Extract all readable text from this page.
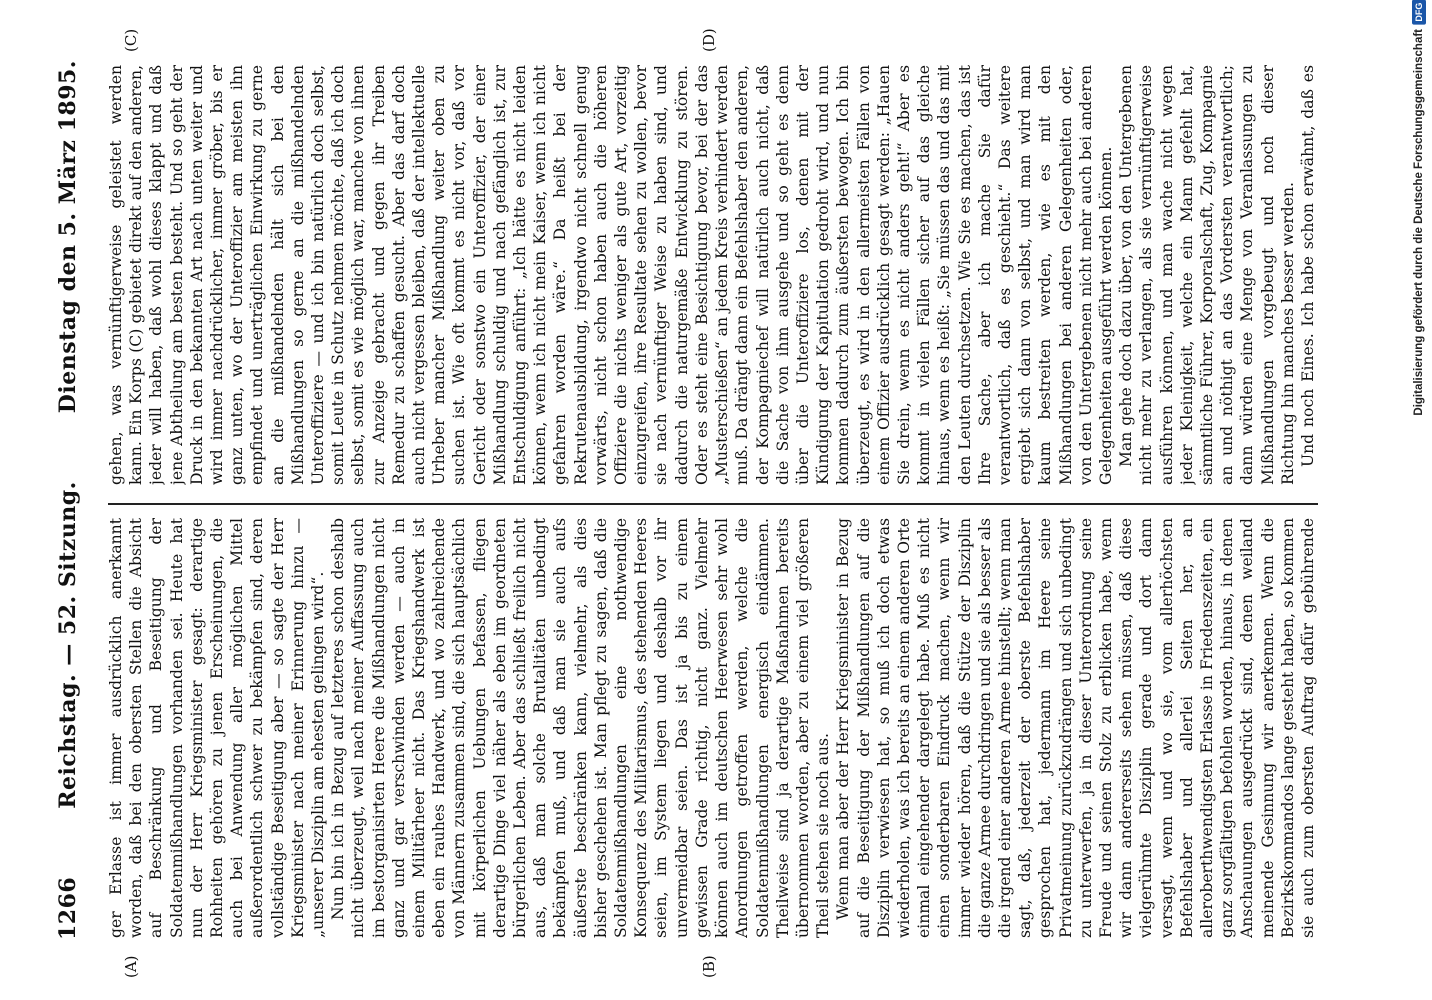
1266
Reichstag. — 52. Sitzung.
Dienstag den 5. März 1895.
(A)	(B)
(C)	(D)

ger Erlasse ist immer ausdrücklich anerkannt worden, daß bei den obersten Stellen die Absicht auf Beschränkung und Beseitigung der Soldatenmißhandlungen vorhanden sei. Heute hat nun der Herr Kriegsminister gesagt: derartige Rohheiten gehören zu jenen Erscheinungen, die auch bei Anwendung aller möglichen Mittel außerordentlich schwer zu bekämpfen sind, deren vollständige Beseitigung aber — so sagte der Herr Kriegsminister nach meiner Erinnerung hinzu — „unserer Disziplin am ehesten gelingen wird“. Nun bin ich in Bezug auf letzteres schon deshalb nicht überzeugt, weil nach meiner Auffassung auch im bestorganisirten Heere die Mißhandlungen nicht ganz und gar verschwinden werden — auch in einem Militärheer nicht. Das Kriegshandwerk ist eben ein rauhes Handwerk, und wo zahlreichende von Männern zusammen sind, die sich hauptsächlich mit körperlichen Uebungen befassen, fliegen derartige Dinge viel näher als eben im geordneten bürgerlichen Leben. Aber das schließt freilich nicht aus, daß man solche Brutalitäten unbedingt bekämpfen muß, und daß man sie auch aufs äußerste beschränken kann, vielmehr, als dies bisher geschehen ist. Man pflegt zu sagen, daß die Soldatenmißhandlungen eine nothwendige Konsequenz des Militarismus, des stehenden Heeres seien, im System liegen und deshalb vor ihr unvermeidbar seien. Das ist ja bis zu einem gewissen Grade richtig, nicht ganz. Vielmehr können auch im deutschen Heerwesen sehr wohl Anordnungen getroffen werden, welche die Soldatenmißhandlungen energisch eindämmen. Theilweise sind ja derartige Maßnahmen bereits übernommen worden, aber zu einem viel größeren Theil stehen sie noch aus. Wenn man aber der Herr Kriegsminister in Bezug auf die Beseitigung der Mißhandlungen auf die Disziplin verwiesen hat, so muß ich doch etwas wiederholen, was ich bereits an einem anderen Orte einmal eingehender dargelegt habe. Muß es nicht einen sonderbaren Eindruck machen, wenn wir immer wieder hören, daß die Stütze der Disziplin die ganze Armee durchdringen und sie als besser als die irgend einer anderen Armee hinstellt; wenn man sagt, daß, jederzeit der oberste Befehlshaber gesprochen hat, jedermann im Heere seine Privatmeinung zurückzudrängen und sich unbedingt zu unterwerfen, ja in dieser Unterordnung seine Freude und seinen Stolz zu erblicken habe, wenn wir dann andererseits sehen müssen, daß diese vielgerühmte Disziplin gerade und dort dann versagt, wenn und wo sie, vom allerhöchsten Befehlshaber und allerlei Seiten her, an alleroberthwendigsten Erlasse in Friedenszeiten, ein ganz sorgfältigen befohlen worden, hinaus, in denen Anschauungen ausgedrückt sind, denen weiland meinende Gesinnung wir anerkennen. Wenn die Bezirkskommandos lange gesteht haben, so kommen sie auch zum obersten Auftrag dafür gebührende

gehen, was vernünftigerweise geleistet werden kann. Ein Korps (C) gebietet direkt auf den anderen, jeder will haben, daß wohl dieses klappt und daß jene Abtheilung am besten besteht. Und so geht der Druck in den bekannten Art nach unten weiter und wird immer nachdrücklicher, immer gröber, bis er ganz unten, wo der Unteroffizier am meisten ihn empfindet und unerträglichen Einwirkung zu gerne an die mißhandelnden hält sich bei den Mißhandlungen so gerne an die mißhandelnden Unteroffiziere — und ich bin natürlich doch selbst, somit Leute in Schutz nehmen möchte, daß ich doch selbst, somit es wie möglich war, manche von ihnen zur Anzeige gebracht und gegen ihr Treiben Remedur zu schaffen gesucht. Aber das darf doch auch nicht vergessen bleiben, daß der intellektuelle Urheber mancher Mißhandlung weiter oben zu suchen ist. Wie oft kommt es nicht vor, daß vor Gericht oder sonstwo ein Unteroffizier, der einer Mißhandlung schuldig und nach gefänglich ist, zur Entschuldigung anführt: „Ich hätte es nicht leiden können, wenn ich nicht mein Kaiser, wenn ich nicht gefahren worden wäre.“ Da heißt bei der Rekrutenausbildung, irgendwo nicht schnell genug vorwärts, nicht schon haben auch die höheren Offiziere die nichts weniger als gute Art, vorzeitig einzugreifen, ihre Resultate sehen zu wollen, bevor sie nach vernünftiger Weise zu haben sind, und dadurch die naturgemäße Entwicklung zu stören. Oder es steht eine Besichtigung bevor, bei der das „Musterschießen“ an jedem Kreis verhindert werden muß. Da drängt dann ein Befehlshaber den anderen, der Kompagniechef will natürlich auch nicht, daß die Sache von ihm ausgehe und so geht es denn über die Unteroffiziere los, denen mit der Kündigung der Kapitulation gedroht wird, und nun kommen dadurch zum äußersten bewogen. Ich bin überzeugt, es wird in den allermeisten Fällen von einem Offizier ausdrücklich gesagt werden: „Hauen Sie drein, wenn es nicht anders geht!“ Aber es kommt in vielen Fällen sicher auf das gleiche hinaus, wenn es heißt: „Sie müssen das und das mit den Leuten durchsetzen. Wie Sie es machen, das ist Ihre Sache, aber ich mache Sie dafür verantwortlich, daß es geschieht.“ Das weitere ergiebt sich dann von selbst, und man wird man kaum bestreiten werden, wie es mit den Mißhandlungen bei anderen Gelegenheiten oder, von den Untergebenen nicht mehr auch bei anderen Gelegenheiten ausgeführt werden können. Man gehe doch dazu über, von den Untergebenen nicht mehr zu verlangen, als sie vernünftigerweise ausführen können, und man wache nicht wegen jeder Kleinigkeit, welche ein Mann gefehlt hat, sämmtliche Führer, Korporalschaft, Zug, Kompagnie an und nöthigt an das Vordersten verantwortlich; dann würden eine Menge von Veranlassungen zu Mißhandlungen vorgebeugt und noch dieser Richtung hin manches besser werden. Und noch Eines. Ich habe schon erwähnt, daß es	Digitalisierung gefördert durch die Deutsche Forschungsgemeinschaft
DFG
